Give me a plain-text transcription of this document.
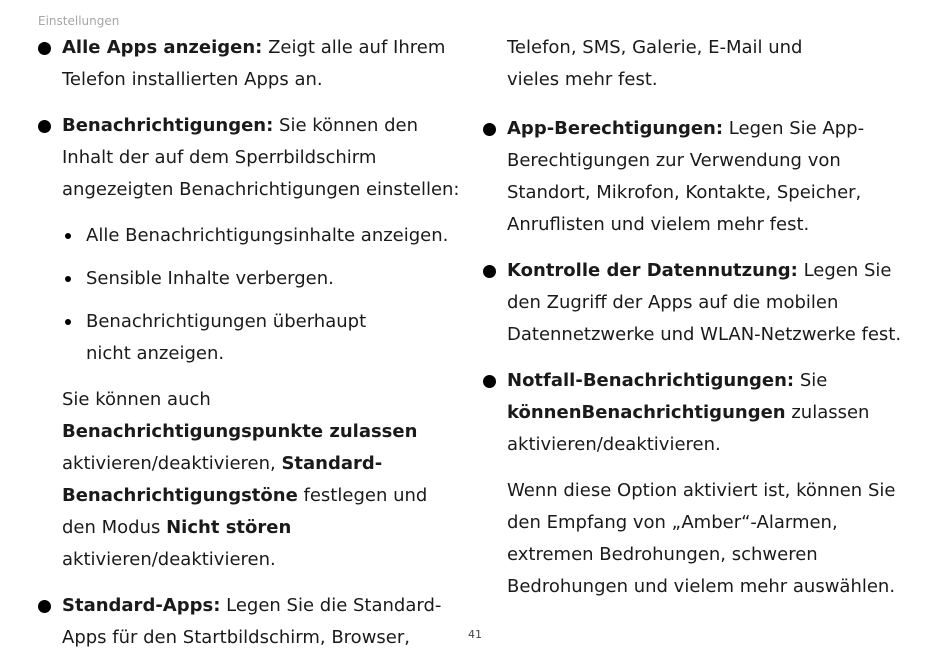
Einstellungen
Alle Apps anzeigen: Zeigt alle auf Ihrem Telefon installierten Apps an.
Benachrichtigungen: Sie können den Inhalt der auf dem Sperrbildschirm angezeigten Benachrichtigungen einstellen:
Alle Benachrichtigungsinhalte anzeigen.
Sensible Inhalte verbergen.
Benachrichtigungen überhaupt nicht anzeigen.
Sie können auch Benachrichtigungspunkte zulassen aktivieren/deaktivieren, Standard-Benachrichtigungstöne festlegen und den Modus Nicht stören aktivieren/deaktivieren.
Standard-Apps: Legen Sie die Standard-Apps für den Startbildschirm, Browser,
Telefon, SMS, Galerie, E-Mail und vieles mehr fest.
App-Berechtigungen: Legen Sie App-Berechtigungen zur Verwendung von Standort, Mikrofon, Kontakte, Speicher, Anruflisten und vielem mehr fest.
Kontrolle der Datennutzung: Legen Sie den Zugriff der Apps auf die mobilen Datennetzwerke und WLAN-Netzwerke fest.
Notfall-Benachrichtigungen: Sie könnenBenachrichtigungen zulassen aktivieren/deaktivieren.
Wenn diese Option aktiviert ist, können Sie den Empfang von „Amber“-Alarmen, extremen Bedrohungen, schweren Bedrohungen und vielem mehr auswählen.
41
